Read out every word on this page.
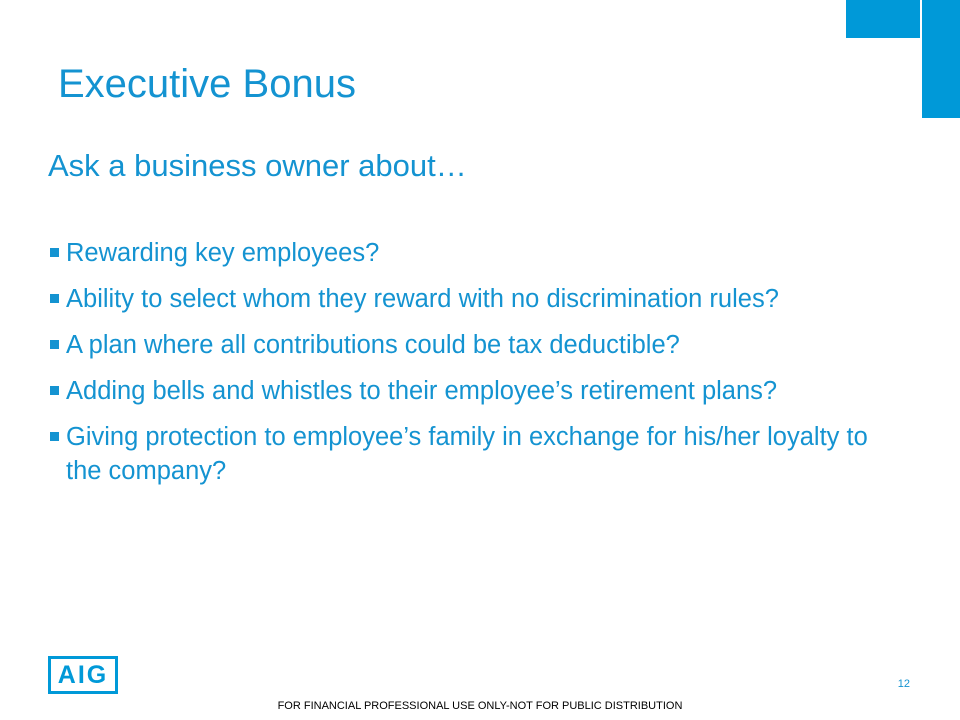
Executive Bonus
Ask a business owner about…
Rewarding key employees?
Ability to select whom they reward with no discrimination rules?
A plan where all contributions could be tax deductible?
Adding bells and whistles to their employee’s retirement plans?
Giving protection to employee’s family in exchange for his/her loyalty to the company?
AIG	12
FOR FINANCIAL PROFESSIONAL USE ONLY-NOT FOR PUBLIC DISTRIBUTION
